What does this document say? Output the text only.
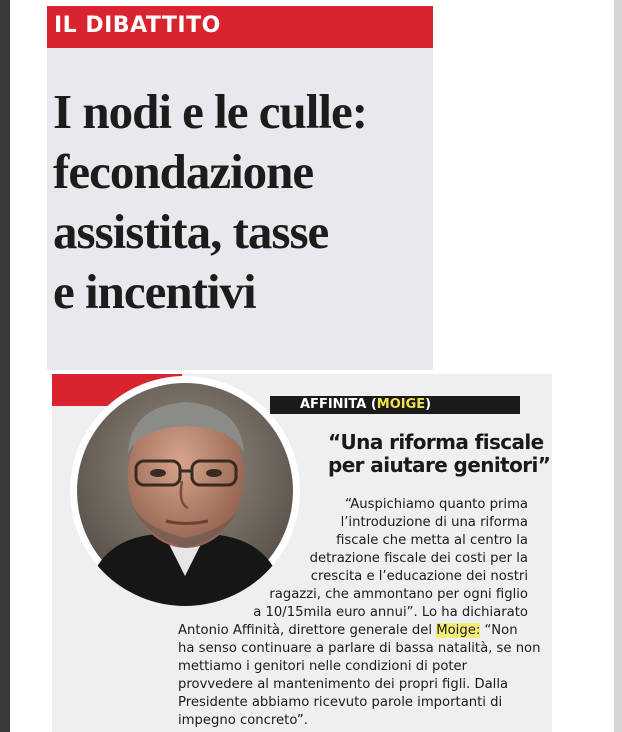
IL DIBATTITO
I nodi e le culle:
fecondazione
assistita, tasse
e incentivi
AFFINITA (MOIGE)
“Una riforma fiscale
per aiutare genitori”
“Auspichiamo quanto prima
l’introduzione di una riforma
fiscale che metta al centro la
detrazione fiscale dei costi per la
crescita e l’educazione dei nostri
ragazzi, che ammontano per ogni figlio
a 10/15mila euro annui”. Lo ha dichiarato
Antonio Affinità, direttore generale del Moige: “Non
ha senso continuare a parlare di bassa natalità, se non
mettiamo i genitori nelle condizioni di poter
provvedere al mantenimento dei propri figli. Dalla
Presidente abbiamo ricevuto parole importanti di
impegno concreto”.
